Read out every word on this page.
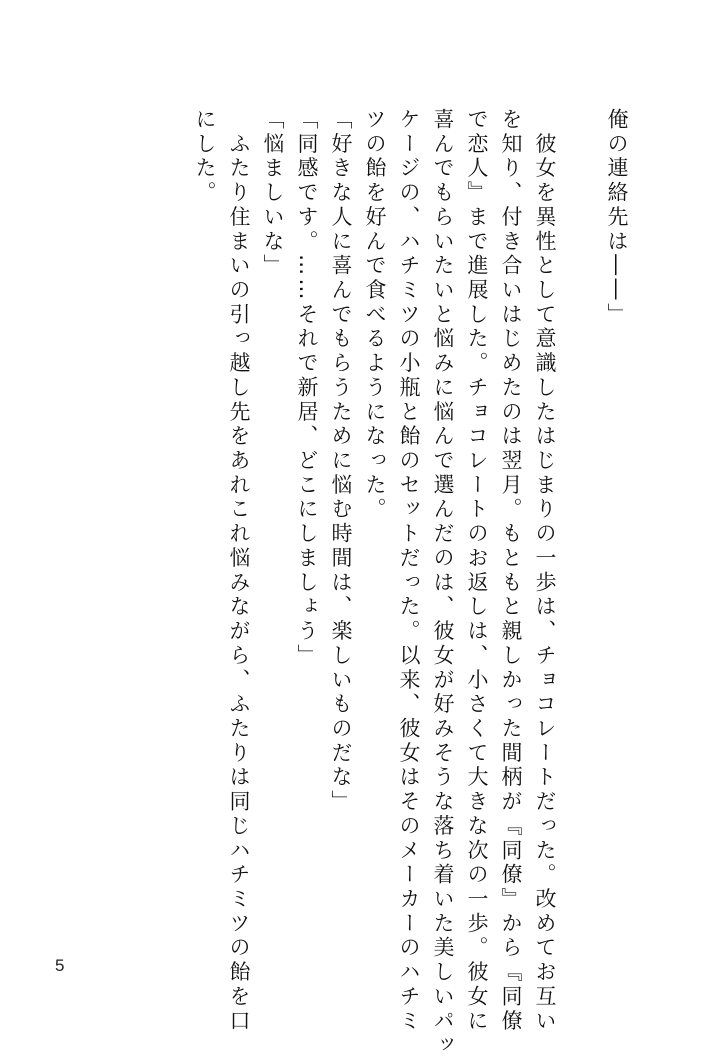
俺の連絡先は――」
　彼女を異性として意識したはじまりの一歩は、チョコレートだった。改めてお互い
を知り、付き合いはじめたのは翌月。もともと親しかった間柄が『同僚』から『同僚
で恋人』まで進展した。チョコレートのお返しは、小さくて大きな次の一歩。彼女に
喜んでもらいたいと悩みに悩んで選んだのは、彼女が好みそうな落ち着いた美しいパッ
ケージの、ハチミツの小瓶と飴のセットだった。以来、彼女はそのメーカーのハチミ
ツの飴を好んで食べるようになった。
「好きな人に喜んでもらうために悩む時間は、楽しいものだな」
「同感です。……それで新居、どこにしましょう」
「悩ましいな」
　ふたり住まいの引っ越し先をあれこれ悩みながら、ふたりは同じハチミツの飴を口
にした。
5
